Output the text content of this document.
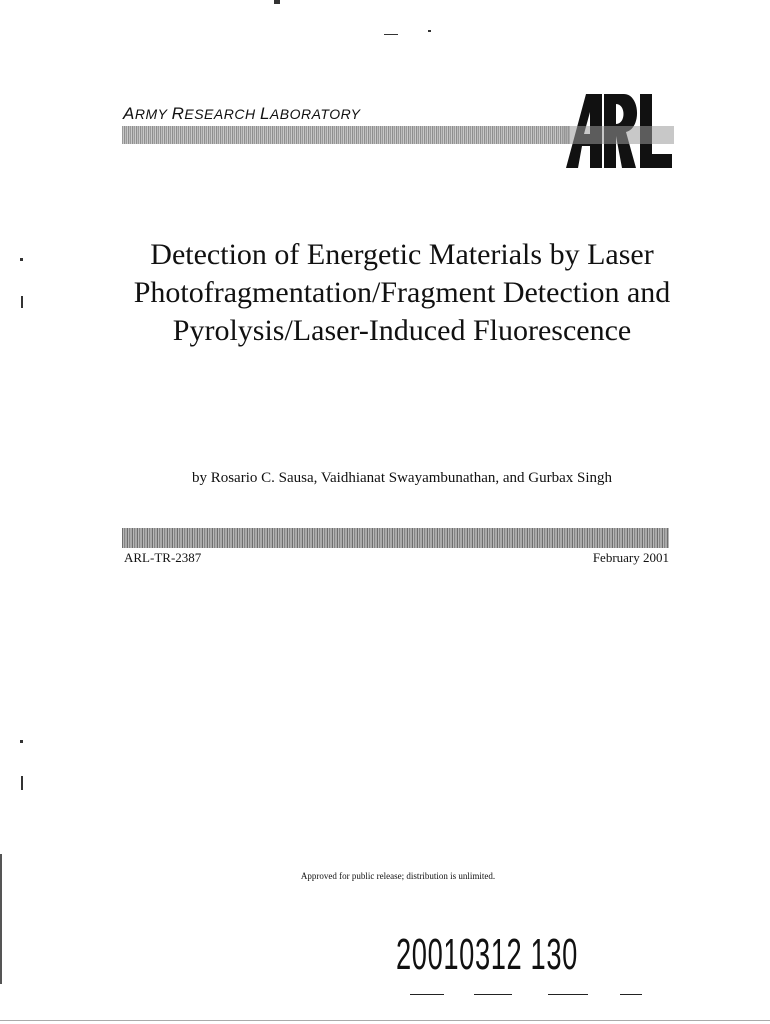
ARMY RESEARCH LABORATORY
Detection of Energetic Materials by Laser Photofragmentation/Fragment Detection and Pyrolysis/Laser-Induced Fluorescence
by Rosario C. Sausa, Vaidhianat Swayambunathan, and Gurbax Singh
ARL-TR-2387	February 2001
Approved for public release; distribution is unlimited.
20010312 130
